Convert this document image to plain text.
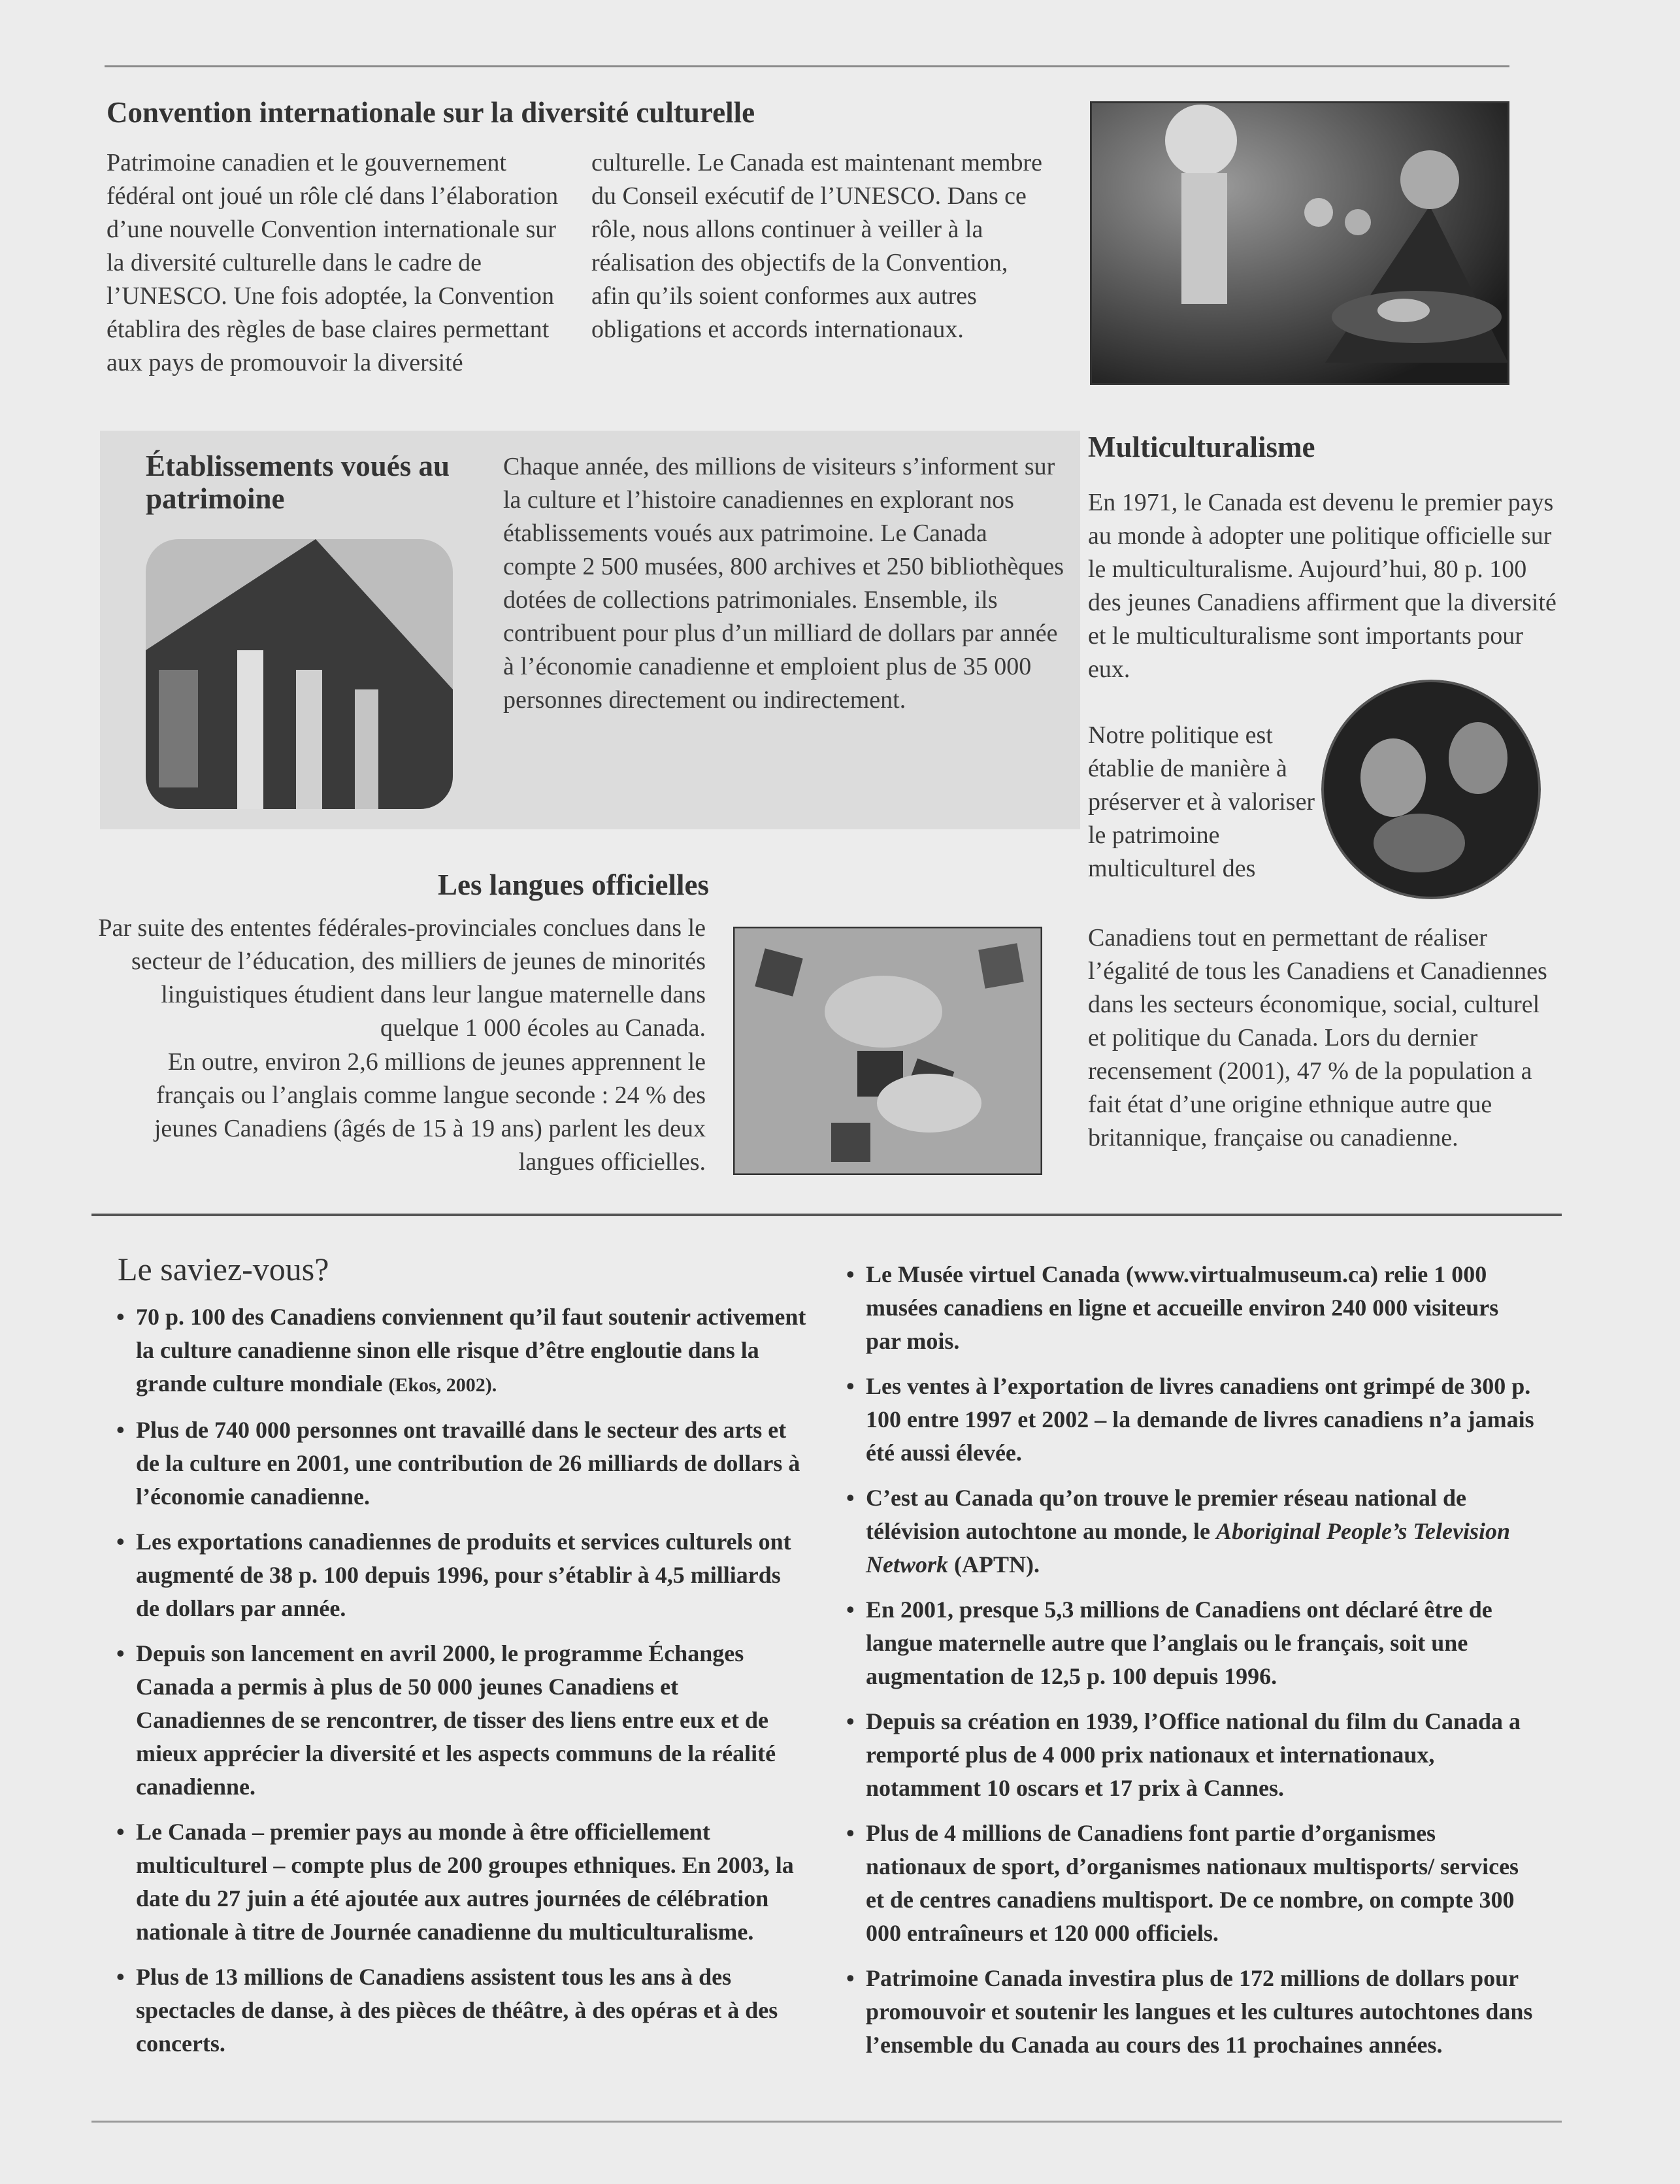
Convention internationale sur la diversité culturelle
Patrimoine canadien et le gouvernement fédéral ont joué un rôle clé dans l’élaboration d’une nouvelle Convention internationale sur la diversité culturelle dans le cadre de l’UNESCO. Une fois adoptée, la Convention établira des règles de base claires permettant aux pays de promouvoir la diversité
culturelle. Le Canada est maintenant membre du Conseil exécutif de l’UNESCO. Dans ce rôle, nous allons continuer à veiller à la réalisation des objectifs de la Convention, afin qu’ils soient conformes aux autres obligations et accords internationaux.
Établissements voués au patrimoine
Chaque année, des millions de visiteurs s’informent sur la culture et l’histoire canadiennes en explorant nos établissements voués aux patrimoine. Le Canada compte 2 500 musées, 800 archives et 250 bibliothèques dotées de collections patrimoniales. Ensemble, ils contribuent pour plus d’un milliard de dollars par année à l’économie canadienne et emploient plus de 35 000 personnes directement ou indirectement.
Multiculturalisme
En 1971, le Canada est devenu le premier pays au monde à adopter une politique officielle sur le multiculturalisme. Aujourd’hui, 80 p. 100 des jeunes Canadiens affirment que la diversité et le multiculturalisme sont importants pour eux.
Notre politique est établie de manière à préserver et à valoriser le patrimoine multiculturel des
Canadiens tout en permettant de réaliser l’égalité de tous les Canadiens et Canadiennes dans les secteurs économique, social, culturel et politique du Canada. Lors du dernier recensement (2001), 47 % de la population a fait état d’une origine ethnique autre que britannique, française ou canadienne.
Les langues officielles
Par suite des ententes fédérales-provinciales conclues dans le secteur de l’éducation, des milliers de jeunes de minorités linguistiques étudient dans leur langue maternelle dans quelque 1 000 écoles au Canada.
En outre, environ 2,6 millions de jeunes apprennent le français ou l’anglais comme langue seconde : 24 % des jeunes Canadiens (âgés de 15 à 19 ans) parlent les deux langues officielles.
Le saviez-vous?
• 70 p. 100 des Canadiens conviennent qu’il faut soutenir activement la culture canadienne sinon elle risque d’être engloutie dans la grande culture mondiale (Ekos, 2002).
• Plus de 740 000 personnes ont travaillé dans le secteur des arts et de la culture en 2001, une contribution de 26 milliards de dollars à l’économie canadienne.
• Les exportations canadiennes de produits et services culturels ont augmenté de 38 p. 100 depuis 1996, pour s’établir à 4,5 milliards de dollars par année.
• Depuis son lancement en avril 2000, le programme Échanges Canada a permis à plus de 50 000 jeunes Canadiens et Canadiennes de se rencontrer, de tisser des liens entre eux et de mieux apprécier la diversité et les aspects communs de la réalité canadienne.
• Le Canada – premier pays au monde à être officiellement multiculturel – compte plus de 200 groupes ethniques. En 2003, la date du 27 juin a été ajoutée aux autres journées de célébration nationale à titre de Journée canadienne du multiculturalisme.
• Plus de 13 millions de Canadiens assistent tous les ans à des spectacles de danse, à des pièces de théâtre, à des opéras et à des concerts.
• Le Musée virtuel Canada (www.virtualmuseum.ca) relie 1 000 musées canadiens en ligne et accueille environ 240 000 visiteurs par mois.
• Les ventes à l’exportation de livres canadiens ont grimpé de 300 p. 100 entre 1997 et 2002 – la demande de livres canadiens n’a jamais été aussi élevée.
• C’est au Canada qu’on trouve le premier réseau national de télévision autochtone au monde, le Aboriginal People’s Television Network (APTN).
• En 2001, presque 5,3 millions de Canadiens ont déclaré être de langue maternelle autre que l’anglais ou le français, soit une augmentation de 12,5 p. 100 depuis 1996.
• Depuis sa création en 1939, l’Office national du film du Canada a remporté plus de 4 000 prix nationaux et internationaux, notamment 10 oscars et 17 prix à Cannes.
• Plus de 4 millions de Canadiens font partie d’organismes nationaux de sport, d’organismes nationaux multisports/ services et de centres canadiens multisport. De ce nombre, on compte 300 000 entraîneurs et 120 000 officiels.
• Patrimoine Canada investira plus de 172 millions de dollars pour promouvoir et soutenir les langues et les cultures autochtones dans l’ensemble du Canada au cours des 11 prochaines années.
